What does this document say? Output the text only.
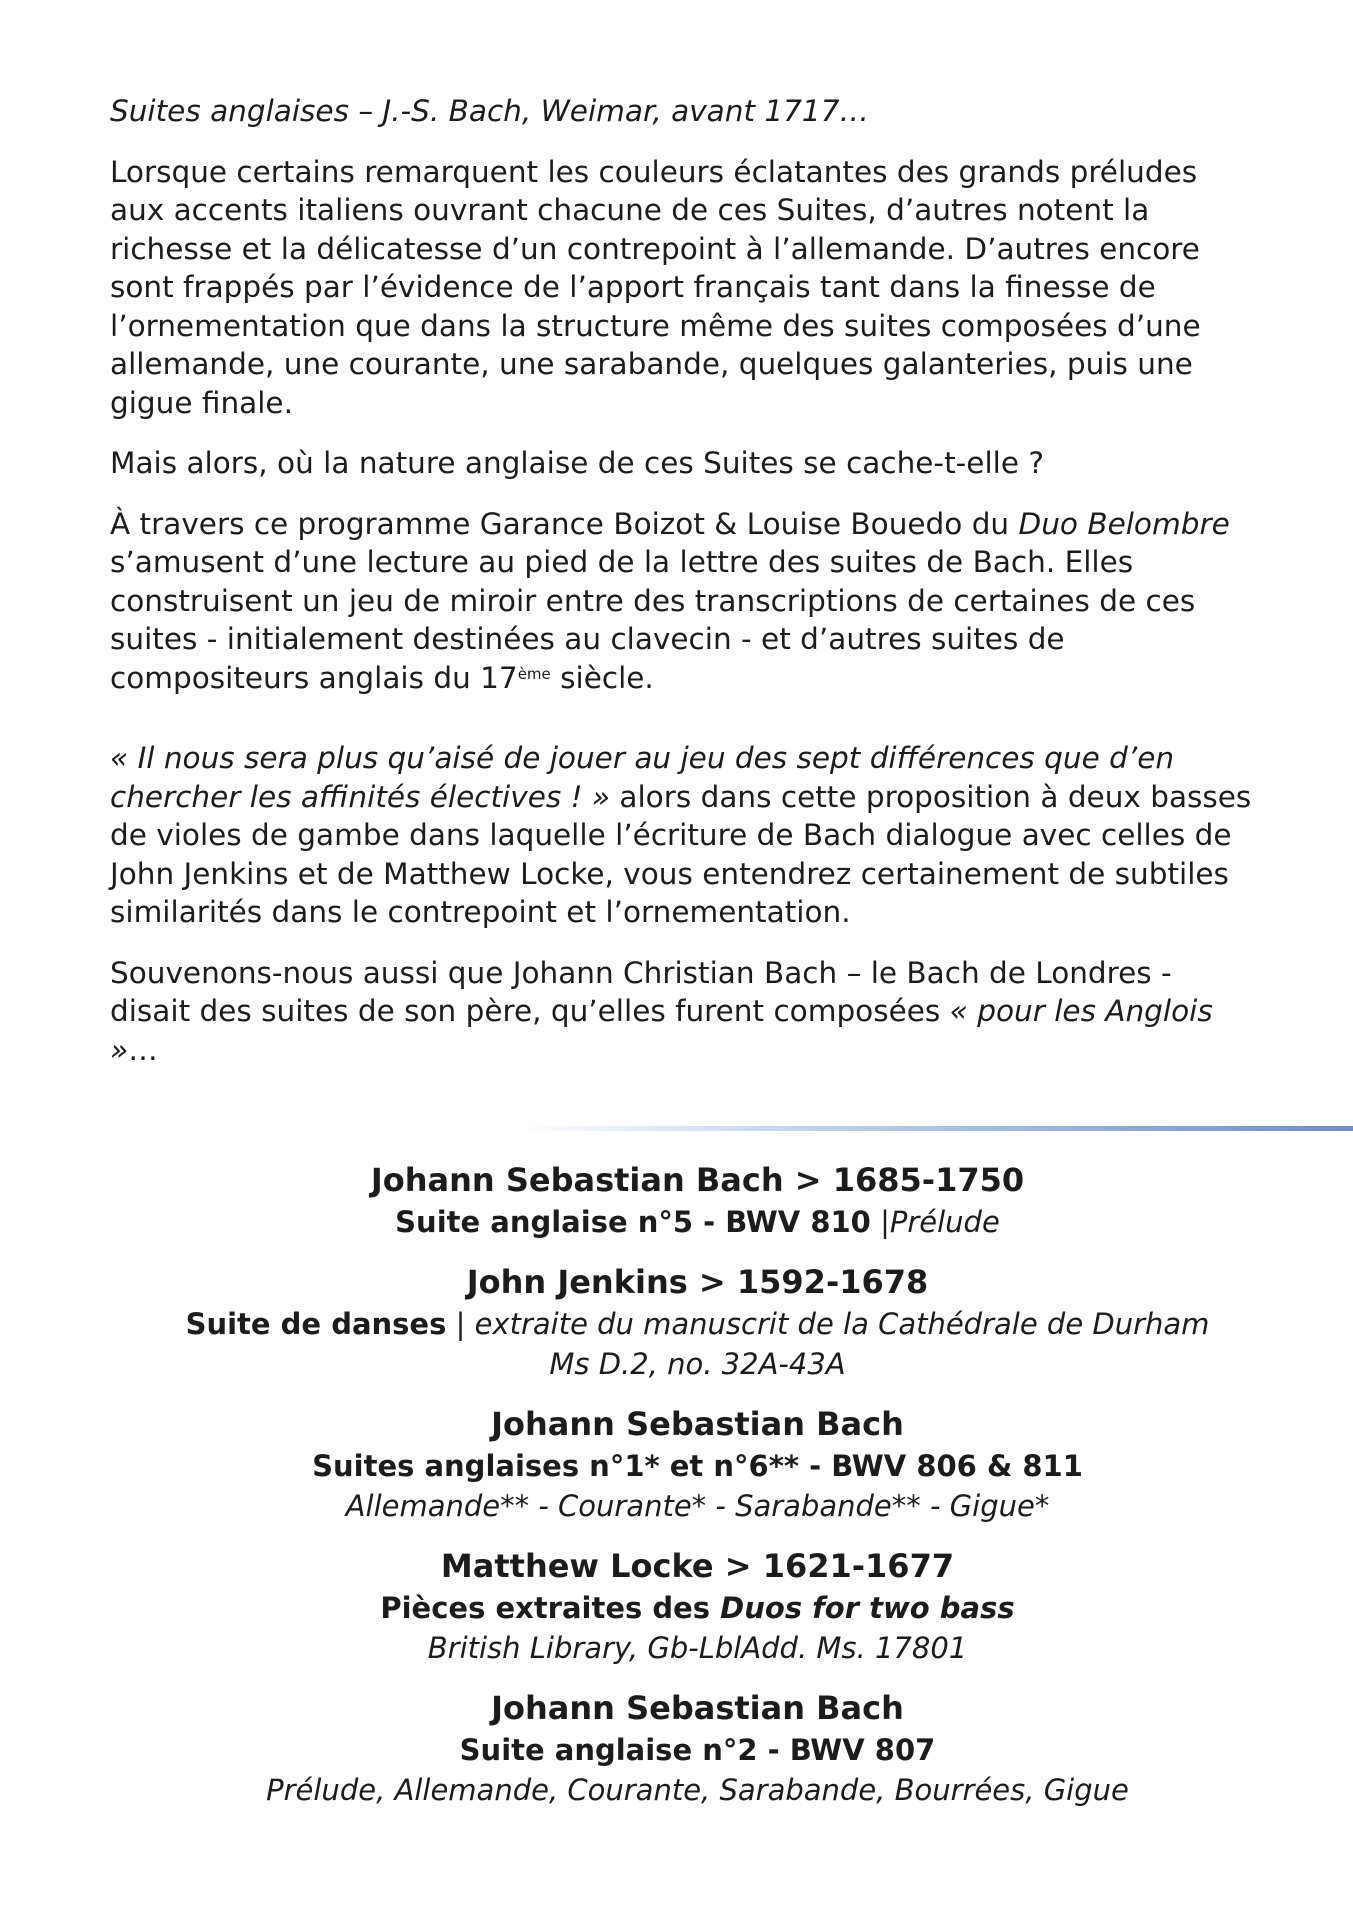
Suites anglaises – J.-S. Bach, Weimar, avant 1717…

Lorsque certains remarquent les couleurs éclatantes des grands préludes aux accents italiens ouvrant chacune de ces Suites, d’autres notent la richesse et la délicatesse d’un contrepoint à l’allemande. D’autres encore sont frappés par l’évidence de l’apport français tant dans la finesse de l’ornementation que dans la structure même des suites composées d’une allemande, une courante, une sarabande, quelques galanteries, puis une gigue finale.

Mais alors, où la nature anglaise de ces Suites se cache-t-elle ?

À travers ce programme Garance Boizot & Louise Bouedo du Duo Belombre s’amusent d’une lecture au pied de la lettre des suites de Bach. Elles construisent un jeu de miroir entre des transcriptions de certaines de ces suites - initialement destinées au clavecin - et d’autres suites de compositeurs anglais du 17ème siècle.

« Il nous sera plus qu’aisé de jouer au jeu des sept différences que d’en chercher les affinités électives ! » alors dans cette proposition à deux basses de violes de gambe dans laquelle l’écriture de Bach dialogue avec celles de John Jenkins et de Matthew Locke, vous entendrez certainement de subtiles similarités dans le contrepoint et l’ornementation.

Souvenons-nous aussi que Johann Christian Bach – le Bach de Londres - disait des suites de son père, qu’elles furent composées « pour les Anglois »…

Johann Sebastian Bach > 1685-1750
Suite anglaise n°5 - BWV 810 |Prélude
John Jenkins > 1592-1678
Suite de danses | extraite du manuscrit de la Cathédrale de Durham
Ms D.2, no. 32A-43A
Johann Sebastian Bach
Suites anglaises n°1* et n°6** - BWV 806 & 811
Allemande** - Courante* - Sarabande** - Gigue*
Matthew Locke > 1621-1677
Pièces extraites des Duos for two bass
British Library, Gb-LblAdd. Ms. 17801
Johann Sebastian Bach
Suite anglaise n°2 - BWV 807
Prélude, Allemande, Courante, Sarabande, Bourrées, Gigue
